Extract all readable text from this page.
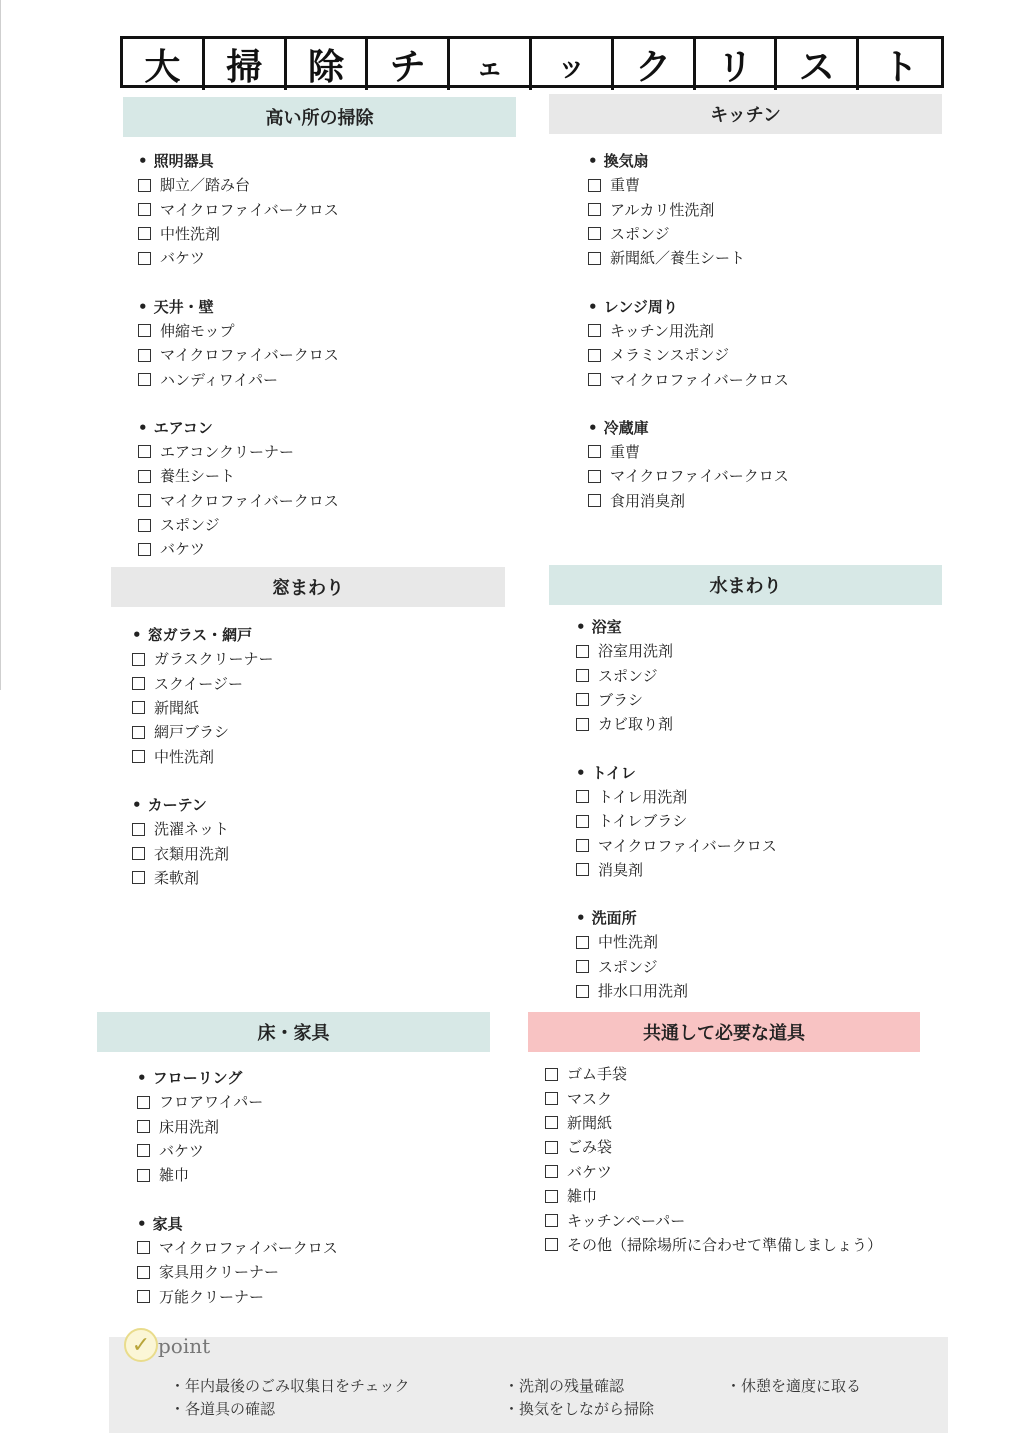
大	掃	除	チ	ェ	ッ	ク	リ	ス	ト
高い所の掃除	キッチン
窓まわり	水まわり
床・家具	共通して必要な道具
• 照明器具
脚立／踏み台
マイクロファイバークロス
中性洗剤
バケツ
• 天井・壁
伸縮モップ
マイクロファイバークロス
ハンディワイパー
• エアコン
エアコンクリーナー
養生シート
マイクロファイバークロス
スポンジ
バケツ
• 換気扇
重曹
アルカリ性洗剤
スポンジ
新聞紙／養生シート
• レンジ周り
キッチン用洗剤
メラミンスポンジ
マイクロファイバークロス
• 冷蔵庫
重曹
マイクロファイバークロス
食用消臭剤
• 窓ガラス・網戸
ガラスクリーナー
スクイージー
新聞紙
網戸ブラシ
中性洗剤
• カーテン
洗濯ネット
衣類用洗剤
柔軟剤
• 浴室
浴室用洗剤
スポンジ
ブラシ
カビ取り剤
• トイレ
トイレ用洗剤
トイレブラシ
マイクロファイバークロス
消臭剤
• 洗面所
中性洗剤
スポンジ
排水口用洗剤
• フローリング
フロアワイパー
床用洗剤
バケツ
雑巾
• 家具
マイクロファイバークロス
家具用クリーナー
万能クリーナー
ゴム手袋
マスク
新聞紙
ごみ袋
バケツ
雑巾
キッチンペーパー
その他（掃除場所に合わせて準備しましょう）
✓ point
・年内最後のごみ収集日をチェック
・各道具の確認
・洗剤の残量確認
・換気をしながら掃除
・休憩を適度に取る
